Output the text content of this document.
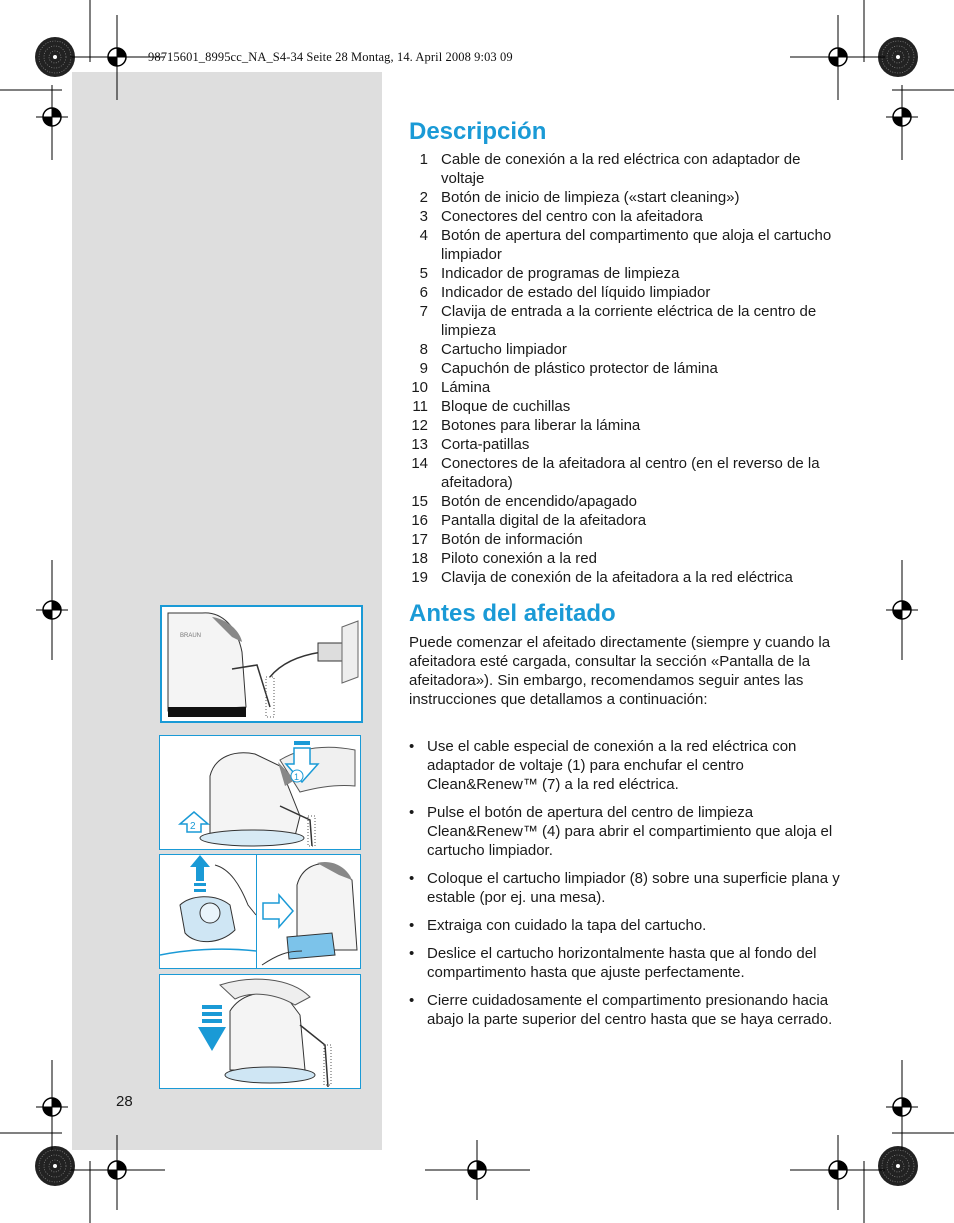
98715601_8995cc_NA_S4-34 Seite 28 Montag, 14. April 2008 9:03 09
Descripción
1 Cable de conexión a la red eléctrica con adaptador de voltaje
2 Botón de inicio de limpieza («start cleaning»)
3 Conectores del centro con la afeitadora
4 Botón de apertura del compartimento que aloja el cartucho limpiador
5 Indicador de programas de limpieza
6 Indicador de estado del líquido limpiador
7 Clavija de entrada a la corriente eléctrica de la centro de limpieza
8 Cartucho limpiador
9 Capuchón de plástico protector de lámina
10 Lámina
11 Bloque de cuchillas
12 Botones para liberar la lámina
13 Corta-patillas
14 Conectores de la afeitadora al centro (en el reverso de la afeitadora)
15 Botón de encendido/apagado
16 Pantalla digital de la afeitadora
17 Botón de información
18 Piloto conexión a la red
19 Clavija de conexión de la afeitadora a la red eléctrica
Antes del afeitado
Puede comenzar el afeitado directamente (siempre y cuando la afeitadora esté cargada, consultar la sección «Pantalla de la afeitadora»). Sin embargo, recomendamos seguir antes las instrucciones que detallamos a continuación:
• Use el cable especial de conexión a la red eléctrica con adaptador de voltaje (1) para enchufar el centro Clean&Renew™ (7) a la red eléctrica.
• Pulse el botón de apertura del centro de limpieza Clean&Renew™ (4) para abrir el compartimiento que aloja el cartucho limpiador.
• Coloque el cartucho limpiador (8) sobre una superficie plana y estable (por ej. una mesa).
• Extraiga con cuidado la tapa del cartucho.
• Deslice el cartucho horizontalmente hasta que al fondo del compartimento hasta que ajuste perfectamente.
• Cierre cuidadosamente el compartimento presionando hacia abajo la parte superior del centro hasta que se haya cerrado.
28
BRAUN
1
2
